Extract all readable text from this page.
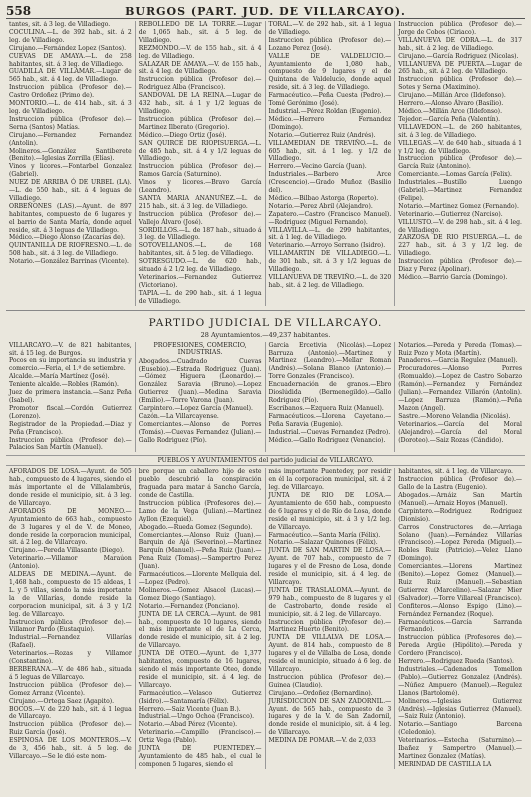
558	BURGOS (PART. JUD. DE VILLARCAYO).

tantes, sit. á 3 leg. de Villadiego.

COCULINA.—L. de 392 hab., sit. á 2 leg. de Villadiego.

Cirujano.—Fernández Lopez (Santos).

CUEVAS DE AMAYA.—L. de 258 habitantes, sit. á 3 leg. de Villadiego.

GUADILLA DE VILLAMAR.—Lugar de 565 hab., sit. á 4 leg. de Villadiego.

Instruccion pública (Profesor de).—Castro Ordoñez (Primo de).

MONTORIO.—L. de 414 hab., sit. á 3 leg. de Villadiego.

Instruccion pública (Profesor de).—Serna (Santos) Matías.

Cirujano.—Fernandez Fernandez (Antolin).

Molineros.—González Santiberete (Benito).—Iglesias Zorrilla (Elías).

Vinos y licores.—Fontarbel Gonzalez (Gabriel).

NUEZ DE ARRIBA Ó DE URBEL (LA).—L. de 550 hab., sit. á 4 leguas de Villadiego.

ORBEÑONES (LAS).—Ayunt. de 897 habitantes, compuesto de 6 lugares y el barrio de Santa María, donde aquel reside, sit. á 3 leguas de Villadiego.

Médico.—Diego Alonso (Zacarías de).

QUINTANILLA DE RIOFRESNO.—L. de 508 hab., sit. á 3 leg. de Villadiego.

Notario.—González Barrinas (Vicente).

REBOLLEDO DE LA TORRE.—Lugar de 1,065 hab., sit. á 5 leg. de Villadiego.

REZMONDO.—V. de 155 hab., sit. á 4 leg. de Villadiego.

SALAZAR DE AMAYA.—V. de 155 hab., sit. á 4 leg. de Villadiego.

Instruccion pública (Profesor de).—Rodriguez Alba (Francisco).

SANDOVAL DE LA REINA.—Lugar de 432 hab., sit. á 1 y 1/2 leguas de Villadiego.

Instruccion pública (Profesor de).—Martinez Ilberato (Gregorio).

Médico.—Diego Ortiz (José).

SAN QUIRCE DE RIOPISUERGA.—L. de 485 hab., sit. á 4 y 1/2 leguas de Villadiego.

Instruccion pública (Profesor de).—Ramos García (Saturnino).

Vinos y licores.—Bravo García (Leandro).

SANTA MARIA ANANUÑEZ.—L. de 215 hab., sit. á 3 leg. de Villadiego.

Instruccion pública (Profesor de).—Vallejo Álvaro (José).

SORDILLOS.—L. de 187 hab., situado á 3 leg. de Villadiego.

SOTOVELLANOS.—L. de 168 habitantes, sit. á 5 leg. de Villadiego.

SOTRESGUDO.—L. de 620 hab., situado á 2 1/2 leg. de Villadiego.

Veterinarios.—Fernandez Gutierrez (Victoriano).

TAPIA.—L. de 290 hab., sit. á 1 legua de Villadiego.

TORAL.—V. de 292 hab., sit. á 1 legua de Villadiego.

Instruccion pública (Profesor de).—Lozano Perez (José).

VALLE DE VALDELUCIO.—Ayuntamiento de 1,080 hab., compuesto de 9 lugares y el de Quintana de Valdelucio, donde aquel reside, sit. á 3 leg. de Villadiego.

Farmacéutico.—Peña Cuesta (Pedro).—Tomé Gerónimo (José).

Industrial.—Pérez Roldan (Eugenio).

Médico.—Herrero Fernandez (Domingo).

Notario.—Gutierrez Ruiz (Andrés).

VILLAMEDIAN DE TREVIÑO.—L. de 605 hab., sit. á 1 leg. y 1/2 de Villadiego.

Herrero.—Vecino García (Juan).

Industriales.—Barbero Arce (Crescencio).—Grado Muñoz (Basilio del).

Médico.—Bilbao Astorga (Roperto).

Notario.—Perez Abril (Alejandro).

Zapatero.—Castro (Francisco Manuel).—Rodriguez (Miguel Fernando).

VILLAVILLA.—L. de 299 habitantes, sit. á 1 leg. de Villadiego.

Veterinario.—Arroyo Serrano (Isidro).

VILLAMARTIN DE VILLADIEGO.—L. de 301 hab., sit. á 3 y 1/2 leguas de Villadiego.

VILLANUEVA DE TREVIÑO.—L. de 320 hab., sit. á 2 leg. de Villadiego.

Instruccion pública (Profesor de).—Jorge de Cobos (Ciriaco).

VILLANUEVA DE ODRA.—L. de 317 hab., sit. á 2 leg. de Villadiego.

Cirujano.—García Rodriguez (Nicolas).

VILLANUEVA DE PUERTA.—Lugar de 265 hab., sit. á 2 leg. de Villadiego.

Instruccion pública (Profesor de).—Sotes y Serna (Maximino).

Cirujano.—Millán Arce (Ildefonso).

Herrero.—Alonso Álvaro (Basilio).

Médico.—Millán Arce (Ildefonso).

Tejedor.—García Peña (Valentín).

VILLAVEDON.—L. de 260 habitantes, sit. á 3 leg. de Villadiego.

VILLEGAS.—V. de 640 hab., situada á 1 y 1/2 leg. de Villadiego.

Instruccion pública (Profesor de).—García Ruiz (Antonino).

Comerciante.—Lomas García (Felix).

Industriales.—Bustillo Luengo (Gabriel).—Martinez Fernandez (Felipe).

Notario.—Martinez Gomez (Fernando).

Veterinario.—Gutierrez (Narciso).

VILLUSTO.—V. de 298 hab., sit. á 4 leg. de Villadiego.

ZARZOSA DE RIO PISUERGA.—L. de 227 hab., sit. á 3 y 1/2 leg. de Villadiego.

Instruccion pública (Profesor de).—Diaz y Perez (Apolinar).

Médico.—Barrio García (Domingo).

PARTIDO JUDICIAL DE VILLARCAYO.
28 Ayuntamientos.—49,237 habitantes.

VILLARCAYO.—V. de 821 habitantes, sit. á 15 leg. de Burgos.

Pocos en su importancia su industria y comercio.—Feria, el 1.º de setiembre.

Alcalde.—María Martínez (José).

Teniente alcalde.—Robles (Ramón).

Juez de primera instancia.—Sanz Peña (Isabel).

Promotor fiscal.—Cordón Gutierrez (Lorenzo).

Registrador de la Propiedad.—Diaz y Peña (Francisco).

Instruccion pública (Profesor de).—Palacios San Martín (Manuel).

PROFESIONES, COMERCIO, INDUSTRIAS.

Abogados.—Cuadrado Cuevas (Eusebio).—Estrada Rodriguez (Juan).—Gómez Higuera (Leonardo).—González Saravia (Bruno).—Lopez Gutierrez (Juan).—Medina Saravia (Emilio).—Torre Varona (Juan).

Carpintero.—Lopez García (Manuel).

Cazón.—La Villarcayense.

Comerciantes.—Alonso de Porres (Tomás).—Cuevas Fernandez (Julian).—Gallo Rodriguez (Pío).

García Ercetivia (Nicolás).—Lopez Barruza (Antonio).—Martinez y Martinez (Leandro).—Mellar Roman (Andrés).—Solana Blanco (Antonio).—Torre Gonzales (Francisco).

Encuadernación de granos.—Ebro Dioslúdida (Bermenegildo).—Gallo Rodriguez (Pío).

Escribanos.—Ezquera Ruiz (Manuel).

Farmacéuticos.—Llorena Cayetano.—Peña Saravia (Eugenio).

Industrial.—Cuevas Fernandez (Pedro).

Médico.—Gallo Rodriguez (Venancio).

Notarios.—Pereda y Pereda (Tomas).—Ruiz Pozo y Mota (Martín).

Panaderos.—Garcia Regulez (Manuel).

Procuradores.—Alonso Porres (Romualdo).—Lopez de Castro Sobarzo (Ramón).—Fernandez y Fernández (Julian).—Fernandez Villarón (Antolin).—Lopez Barruza (Ramón).—Peña Mazon (Angel).

Sastre.—Moreno Velandia (Nicolás).

Veterinarios.—García del Moral (Alejandro).—García del Moral (Doroteo).—Saiz Rozas (Cándido).

PUEBLOS Y AYUNTAMIENTOS del partido judicial de VILLARCAYO.

AFORADOS DE LOSA.—Ayunt. de 505 hab., compuesto de 4 lugares, siendo el más importante el de Villalambrús, donde reside el municipio, sit. á 3 leg. de Villarcayo.

AFORADOS DE MONEO.—Ayuntamiento de 663 hab., compuesto de 3 lugares y el de V. de Moneo, donde reside la corporacion municipal, sit. á 2 leg. de Villarcayo.

Cirujano.—Pereda Villasante (Diego).

Veterinario.—Villamor Maraúon (Antonio).

ALDEAS DE MEDINA.—Ayunt. de 1,468 hab., compuesto de 15 aldeas, 1 L. y 5 villas, siendo la más importante la de Villarías, donde reside la corporacion municipal, sit. á 3 y 1/2 leg. de Villarcayo.

Instruccion pública (Profesor de).—Villamor Pardo (Eustaquio).

Industrial.—Fernandez Villarías (Rafael).

Veterinarios.—Rozas y Villamor (Constantino).

BERBERANA.—V. de 486 hab., situada á 5 leguas de Villarcayo.

Instruccion pública (Profesor de).—Gomez Arranz (Vicente).

Cirujano.—Ortega Saez (Agapito).

BOCOS.—V. de 220 hab., sit. á 1 legua de Villarcayo.

Instruccion pública (Profesor de).—Ruiz García (José).

ESPINOSA DE LOS MONTEROS.—V. de 3, 456 hab., sit. á 5 leg. de Villarcayo.—Se le dió este nom-

bre porque un caballero hijo de este pueblo descubrió la conspiración fraguada para matar á Sancho García, conde de Castilla.

Instruccion pública (Profesores de).—Lamo de la Vega (Julian).—Martinez Ayllon (Ezequiel).

Abogado.—Rueda Gomez (Segundo).

Comerciantes.—Alonso Ruiz (Juan).—Barquin de Ajá (Severino).—Martinez Barquín (Manuel).—Peña Ruiz (Juan).—Pena Ruiz (Tomas).—Sampertro Perez (Juan).

Farmacéuticos.—Llorente Mellquia del.—Lopez (Pedro).

Molineros.—Gomez Alsacol (Lucas).—Gomez Diego (Santiago).

Notario.—Fernandez (Ponciano).

JUNTA DE LA CERCA.—Ayunt. de 981 hab., compuesto de 10 lugares, siendo el más importante el de La Cerca, donde reside el municipio, sit. á 2 leg. de Villarcayo.

JUNTA DE OTEO.—Ayunt. de 1,377 habitantes, compuesto de 16 lugares, siendo el más importante Oteo, donde reside el municipio, sit. á 4 leg. de Villarcayo.

Farmacéutico.—Velasco Gutierrez (Isidro).—Santamaría (Félix).

Herrero.—Saiz Vicente (Juan B.).

Industrial.—Ungo Ochoa (Francisco).

Notario.—Abad Pérez (Vicente).

Veterinario.—Campillo (Francisco).—Ortiz Vega (Pablo).

JUNTA DE PUENTEDEY.—Ayuntamiento de 485 hab., el cual le componen 5 lugares, siendo el

más importante Puentedey, por residir en él la corporacion municipal, sit. á 2 leg. de Villarcayo.

JUNTA DE RIO DE LOSA.—Ayuntamiento de 650 hab., compuesto de 6 lugares y el de Río de Losa, donde reside el municipio, sit. á 3 y 1/2 leg. de Villarcayo.

Farmacéutico.—Santa María (Félix).

Notario.—Salazar Quinones (Félix).

JUNTA DE SAN MARTIN DE LOSA.—Ayunt. de 707 hab., compuesto de 7 lugares y el de Fresno de Losa, donde reside el municipio, sit. á 4 leg. de Villarcayo.

JUNTA DE TRASLALOMA.—Ayunt. de 979 hab., compuesto de 8 lugares y el de Castrobarto, donde reside el municipio, sit. á 2 leg. de Villarcayo.

Instruccion pública (Profesor de).—Martinez Huerto (Benito).

JUNTA DE VILLALVA DE LOSA.—Ayunt. de 814 hab., compuesto de 8 lugares y el de Villalba de Losa, donde reside el municipio, situado á 6 leg. de Villarcayo.

Instruccion pública (Profesor de).—Guinea (Claudio).

Cirujano.—Ordoñez (Bernardino).

JURISDICCION DE SAN ZADORNIL.—Ayunt. de 565 hab., compuesto de 3 lugares y de la V. de San Zadornil, donde reside el municipio, sit. á 4 leg. de Villarcayo.

MEDINA DE POMAR.—V. de 2,033

habitantes, sit. á 1 leg. de Villarcayo.

Instruccion pública (Profesor de).—Gallo de la Lastra (Eugenio).

Abogados.—Arnáiz San Martín (Manuel).—Arnaiz Hoyos (Manuel).

Carpintero.—Rodriguez Rodriguez (Dionisio).

Carros Constructores de.—Arriaga Solano (Juan).—Fernández Villarías (Francisco).—Lopez Pereda (Miguel).—Robles Ruiz (Patricio).—Velez Llano (Domingo).

Comerciantes.—Llorens Martinez (Benito).—Lopez Gomez (Manuel).—Ruiz Ruiz (Manuel).—Sebastian Gutierrez (Marcelino).—Salazar Mier (Salvador).—Torre Villareal (Francisco).

Confiteros.—Alonso Espigo (Lino).—Fernández Fernandez (Roque).

Farmacéuticos.—García Sarranda (Fernando).

Instruccion pública (Profesores de).—Pereda Argüe (Hipólito).—Pereda y Cordero (Francisco).

Herrero.—Rodriguez Rueda (Santos).

Industriales.—Cadenados Tomellon (Pablo).—Gutierrez Gonzalez (Andrés).—Núñez Ampuero (Manuel).—Regulez Llanos (Bartolomé).

Molineros.—Iglesias Gutierrez (Andrés).—Iglesias Gutierrez (Manuel).—Saiz Ruiz (Antonio).

Notario.—Santiago Barcena (Celedonio).

Veterinarios.—Estecha (Saturnino).—Ibañez y Sampertro (Manuel).—Martinez Gonzalez (Matías).

MERINDAD DE CASTILLA LA
